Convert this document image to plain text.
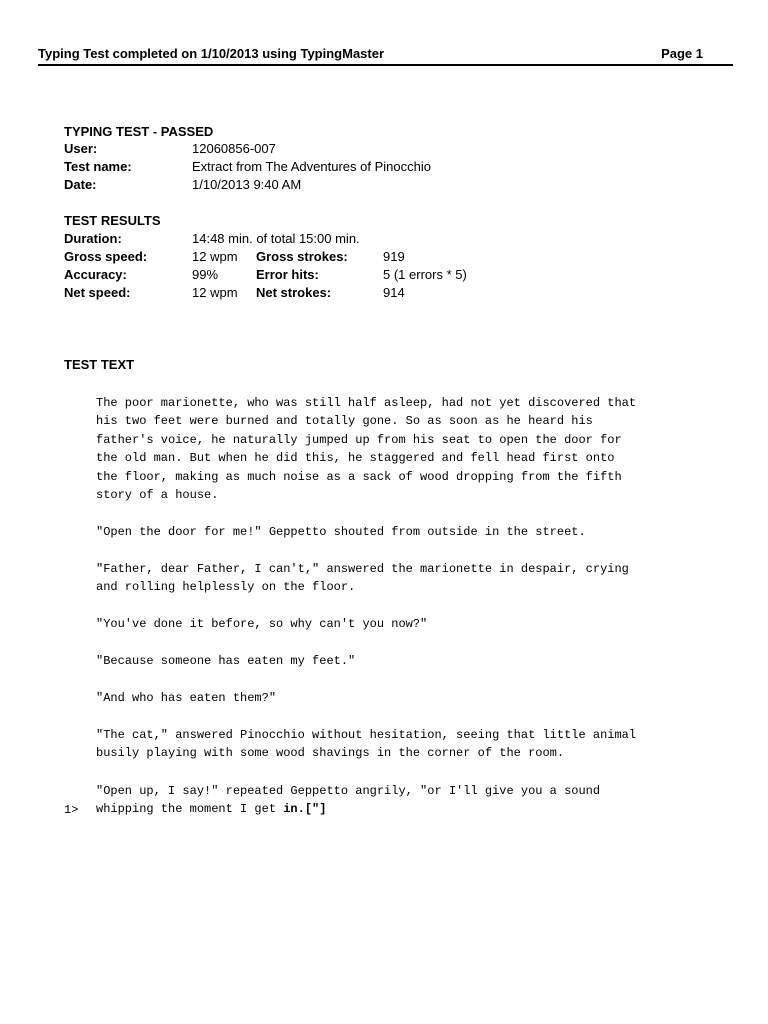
Typing Test completed on 1/10/2013 using TypingMaster	Page 1
TYPING TEST - PASSED
User:	12060856-007
Test name:	Extract from The Adventures of Pinocchio
Date:	1/10/2013 9:40 AM
TEST RESULTS
Duration:	14:48 min. of total 15:00 min.
Gross speed:	12 wpm Gross strokes:	919
Accuracy:	99%	Error hits:	5 (1 errors * 5)
Net speed:	12 wpm Net strokes:	914
TEST TEXT
The poor marionette, who was still half asleep, had not yet discovered that
his two feet were burned and totally gone. So as soon as he heard his
father's voice, he naturally jumped up from his seat to open the door for
the old man. But when he did this, he staggered and fell head first onto
the floor, making as much noise as a sack of wood dropping from the fifth
story of a house.
"Open the door for me!" Geppetto shouted from outside in the street.
"Father, dear Father, I can't," answered the marionette in despair, crying
and rolling helplessly on the floor.
"You've done it before, so why can't you now?"
"Because someone has eaten my feet."
"And who has eaten them?"
"The cat," answered Pinocchio without hesitation, seeing that little animal
busily playing with some wood shavings in the corner of the room.
"Open up, I say!" repeated Geppetto angrily, "or I'll give you a sound
whipping the moment I get in.["]
1>
